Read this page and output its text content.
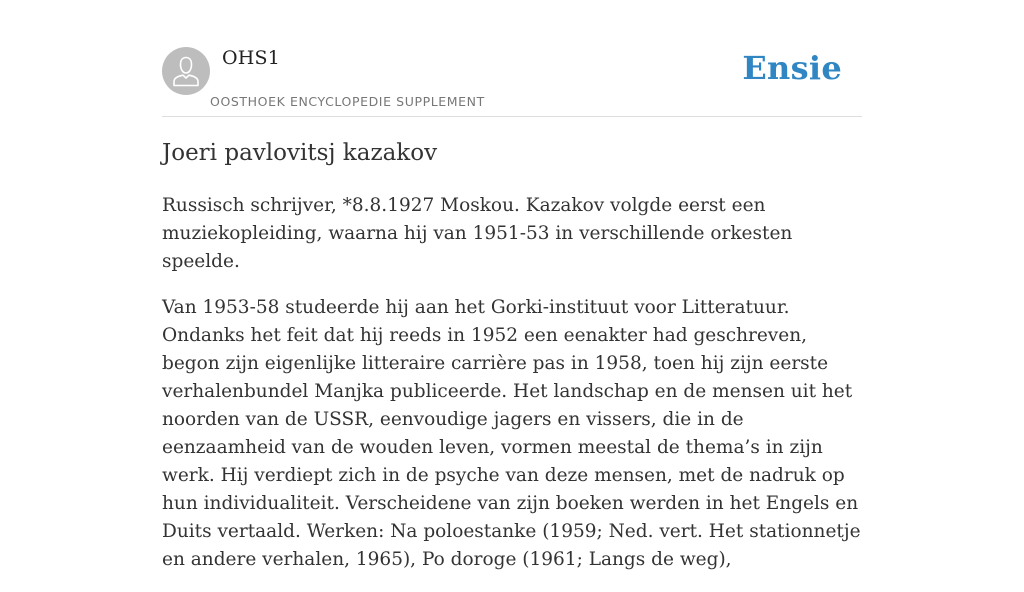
OHS1
OOSTHOEK ENCYCLOPEDIE SUPPLEMENT
Ensie
Joeri pavlovitsj kazakov

Russisch schrijver, *8.8.1927 Moskou. Kazakov volgde eerst een muziekopleiding, waarna hij van 1951-53 in verschillende orkesten speelde.

Van 1953-58 studeerde hij aan het Gorki-instituut voor Litteratuur. Ondanks het feit dat hij reeds in 1952 een eenakter had geschreven, begon zijn eigenlijke litteraire carrière pas in 1958, toen hij zijn eerste verhalenbundel Manjka publiceerde. Het landschap en de mensen uit het noorden van de USSR, eenvoudige jagers en vissers, die in de eenzaamheid van de wouden leven, vormen meestal de thema’s in zijn werk. Hij verdiept zich in de psyche van deze mensen, met de nadruk op hun individualiteit. Verscheidene van zijn boeken werden in het Engels en Duits vertaald. Werken: Na poloestanke (1959; Ned. vert. Het stationnetje en andere verhalen, 1965), Po doroge (1961; Langs de weg),
